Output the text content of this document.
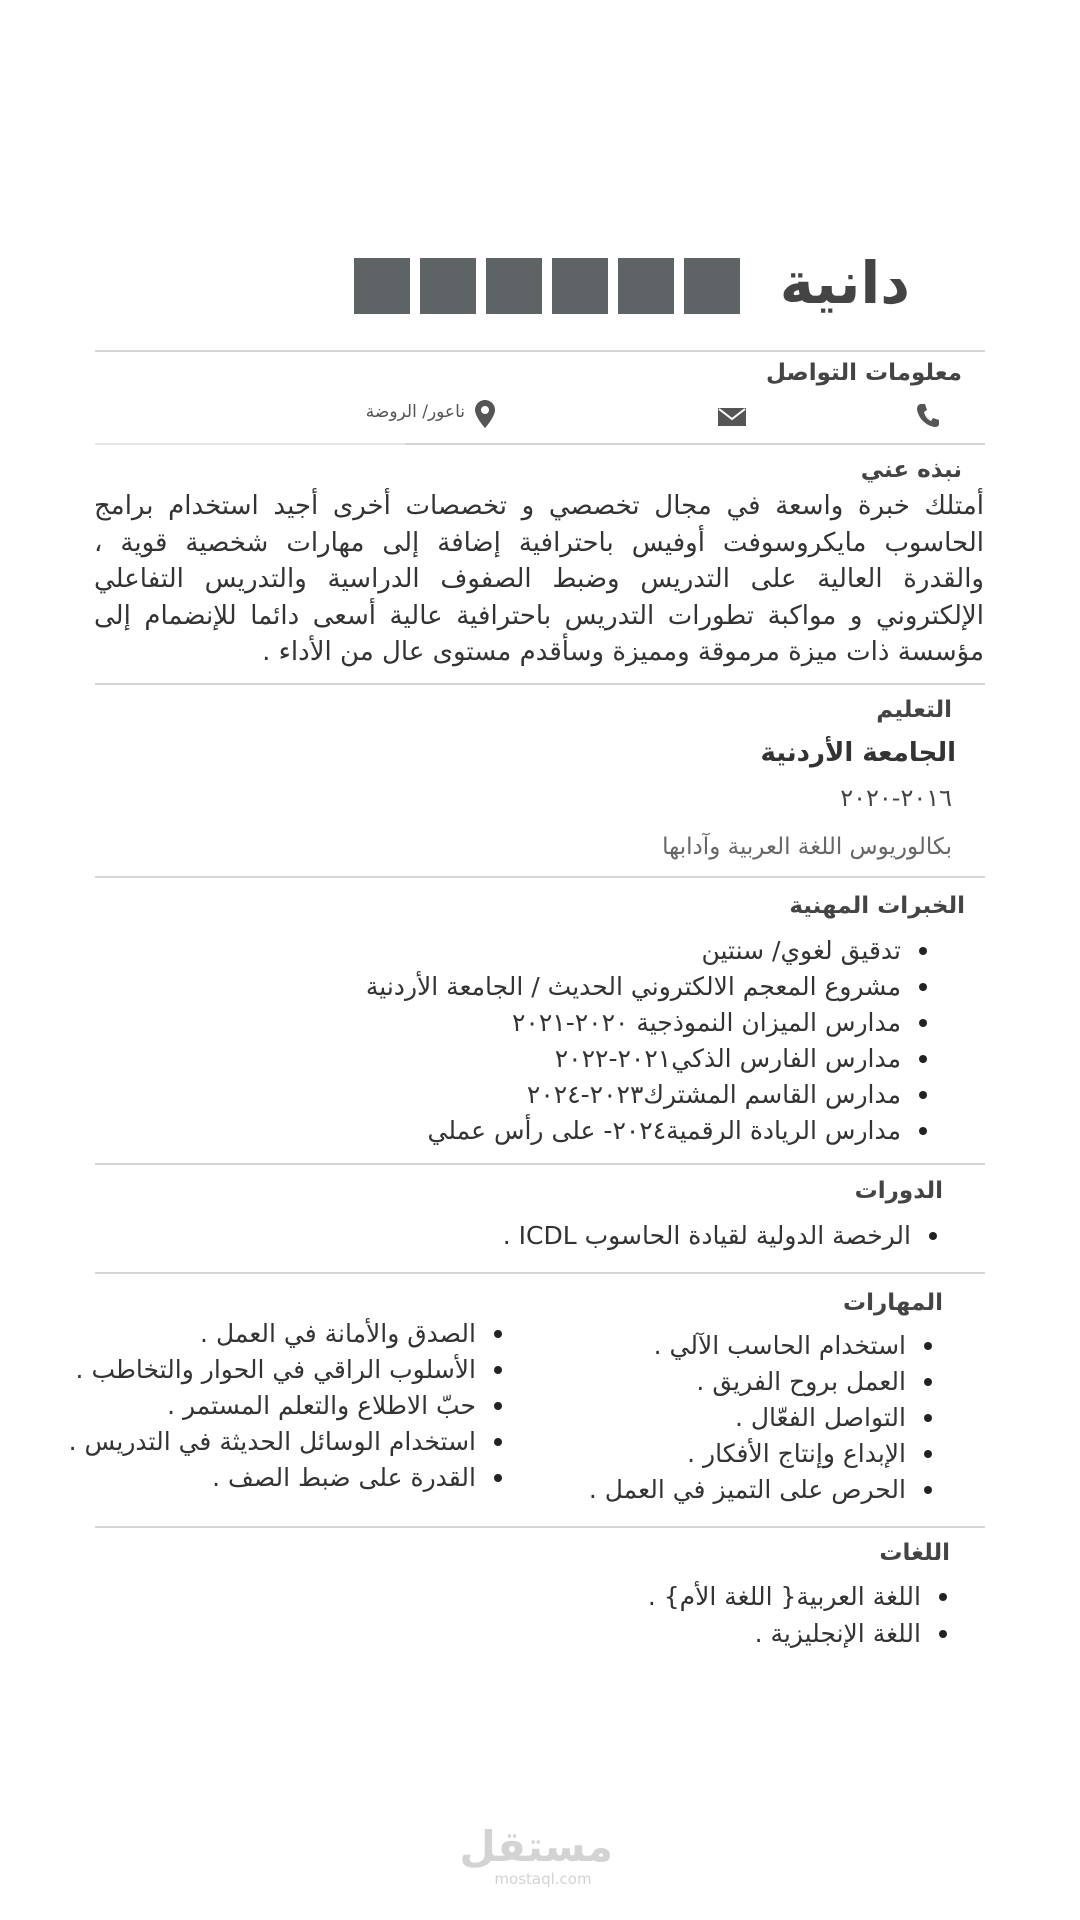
دانية
معلومات التواصل
ناعور/ الروضة
نبذه عني
أمتلك خبرة واسعة في مجال تخصصي و تخصصات أخرى أجيد استخدام برامج الحاسوب مايكروسوفت أوفيس باحترافية إضافة إلى مهارات شخصية قوية ، والقدرة العالية على التدريس وضبط الصفوف الدراسية والتدريس التفاعلي الإلكتروني و مواكبة تطورات التدريس باحترافية عالية أسعى دائما للإنضمام إلى مؤسسة ذات ميزة مرموقة ومميزة وسأقدم مستوى عال من الأداء .
التعليم
الجامعة الأردنية
٢٠١٦-٢٠٢٠
بكالوريوس اللغة العربية وآدابها
الخبرات المهنية
تدقيق لغوي/ سنتين
مشروع المعجم الالكتروني الحديث / الجامعة الأردنية
مدارس الميزان النموذجية ٢٠٢٠-٢٠٢١
مدارس الفارس الذكي٢٠٢١-٢٠٢٢
مدارس القاسم المشترك٢٠٢٣-٢٠٢٤
مدارس الريادة الرقمية٢٠٢٤- على رأس عملي
الدورات
الرخصة الدولية لقيادة الحاسوب ICDL .
المهارات
استخدام الحاسب الآلي .
العمل بروح الفريق .
التواصل الفعّال .
الإبداع وإنتاج الأفكار .
الحرص على التميز في العمل .
الصدق والأمانة في العمل .
الأسلوب الراقي في الحوار والتخاطب .
حبّ الاطلاع والتعلم المستمر .
استخدام الوسائل الحديثة في التدريس .
القدرة على ضبط الصف .
اللغات
اللغة العربية{ اللغة الأم} .
اللغة الإنجليزية .
مستقل
mostaql.com
